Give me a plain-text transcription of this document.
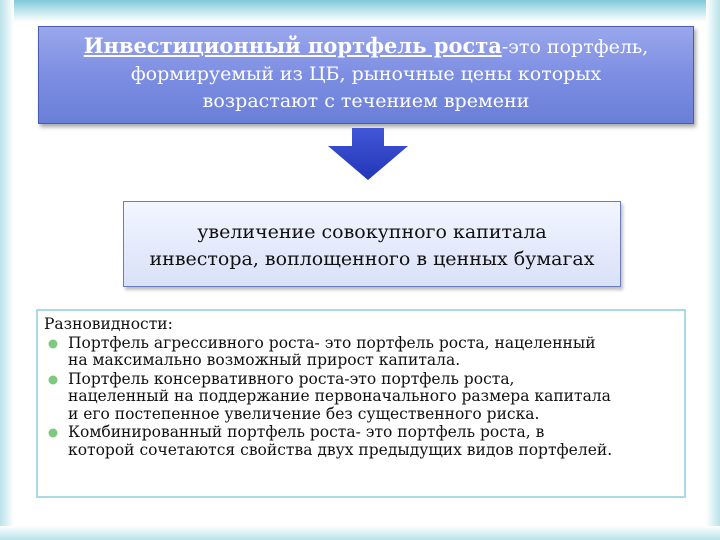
Инвестиционный портфель роста-это портфель,
формируемый из ЦБ, рыночные цены которых
возрастают с течением времени
увеличение совокупного капитала
инвестора, воплощенного в ценных бумагах
Разновидности:
Портфель агрессивного роста- это портфель роста, нацеленный
на максимально возможный прирост капитала.
Портфель консервативного роста-это портфель роста,
нацеленный на поддержание первоначального размера капитала
и его постепенное увеличение без существенного риска.
Комбинированный портфель роста- это портфель роста, в
которой сочетаются свойства двух предыдущих видов портфелей.
